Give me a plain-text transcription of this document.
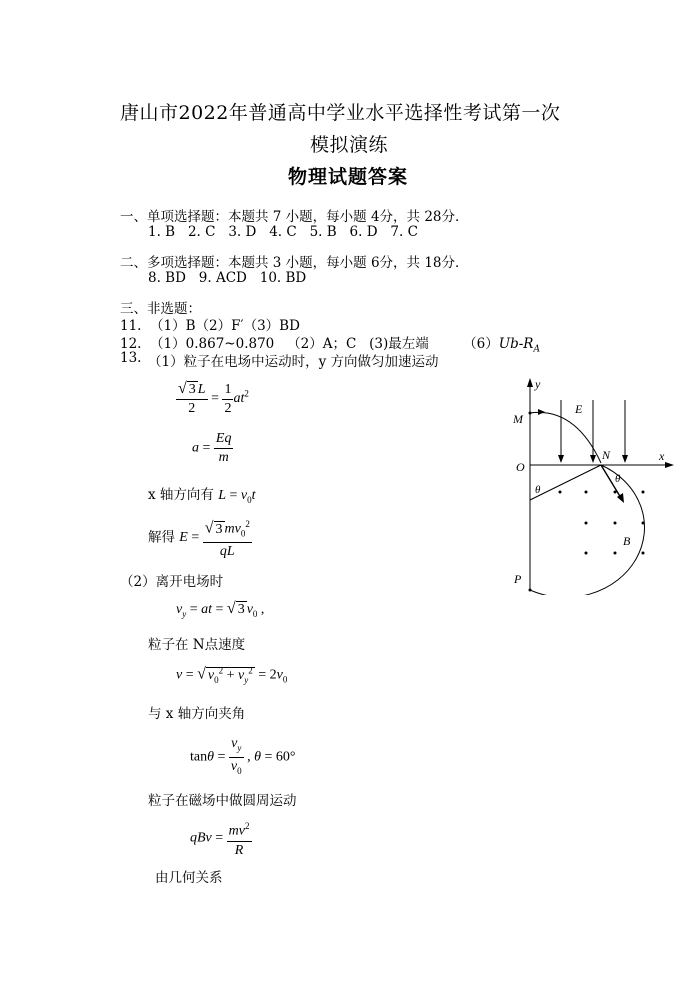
唐山市2022年普通高中学业水平选择性考试第一次
模拟演练
物理试题答案
一、单项选择题：本题共 7 小题，每小题 4分，共 28分．
1. B   2. C   3. D   4. C   5. B   6. D   7. C
二、多项选择题：本题共 3 小题，每小题 6分，共 18分．
8. BD   9. ACD   10. BD
三、非选题：
11.  （1）B（2）F′（3）BD
12.  （1）0.867~0.870   （2）A；C   (3)最左端        $(6)Ub-R_A$
13. （1）粒子在电场中运动时，y 方向做匀加速运动
$\frac{√ 3 L}{2} = \frac{1}{2} at^2$
$a = \frac{Eq}{m}$
x 轴方向有 $L = v_0t$
解得 $E = \frac{√ 3 mv_0^2}{qL}$
（2）离开电场时
$v_y$ = at = √ 3 $v_0$ ,
粒子在 N点速度
v = √ $v_0^2 + v_y^2 = 2v_0$
与 x 轴方向夹角
$\tan\theta = \frac{v_y}{v_0}$ , θ = 60°
粒子在磁场中做圆周运动
qBv = $\frac{mv^2}{R}$
由几何关系
y
x
M
O
N
P
E
B
θ
θ
